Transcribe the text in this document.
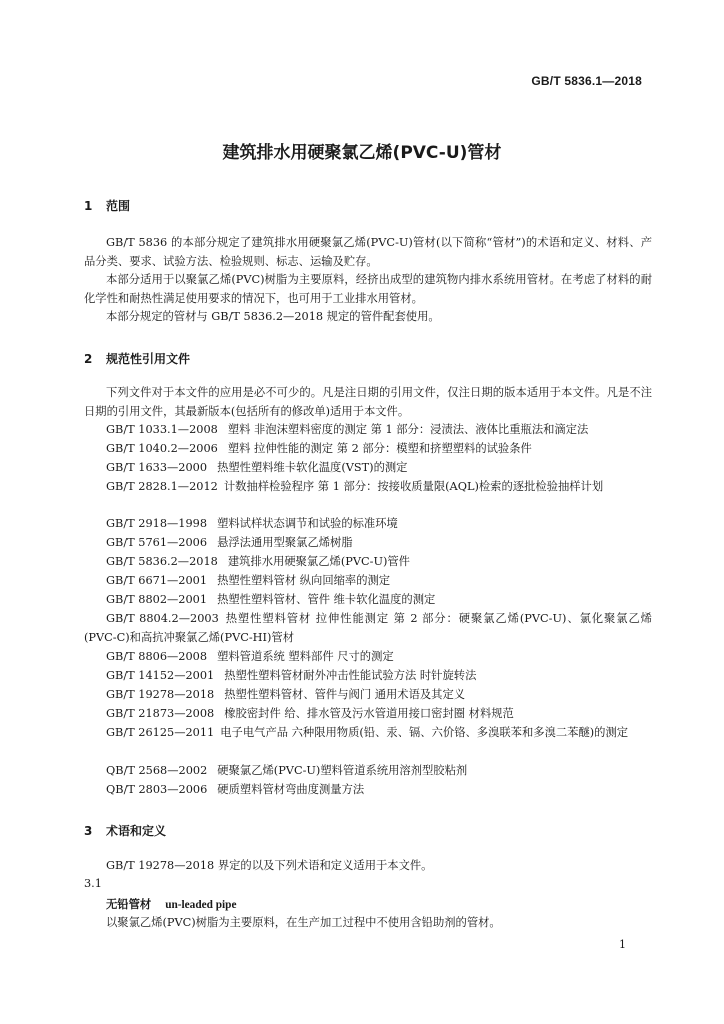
GB/T 5836.1—2018
建筑排水用硬聚氯乙烯(PVC-U)管材
1 范围
GB/T 5836 的本部分规定了建筑排水用硬聚氯乙烯(PVC-U)管材(以下简称“管材”)的术语和定义、材料、产品分类、要求、试验方法、检验规则、标志、运输及贮存。
本部分适用于以聚氯乙烯(PVC)树脂为主要原料，经挤出成型的建筑物内排水系统用管材。在考虑了材料的耐化学性和耐热性满足使用要求的情况下，也可用于工业排水用管材。
本部分规定的管材与 GB/T 5836.2—2018 规定的管件配套使用。
2 规范性引用文件
下列文件对于本文件的应用是必不可少的。凡是注日期的引用文件，仅注日期的版本适用于本文件。凡是不注日期的引用文件，其最新版本(包括所有的修改单)适用于本文件。
GB/T 1033.1—2008 塑料 非泡沫塑料密度的测定 第 1 部分：浸渍法、液体比重瓶法和滴定法
GB/T 1040.2—2006 塑料 拉伸性能的测定 第 2 部分：模塑和挤塑塑料的试验条件
GB/T 1633—2000 热塑性塑料维卡软化温度(VST)的测定
GB/T 2828.1—2012 计数抽样检验程序 第 1 部分：按接收质量限(AQL)检索的逐批检验抽样计划
GB/T 2918—1998 塑料试样状态调节和试验的标准环境
GB/T 5761—2006 悬浮法通用型聚氯乙烯树脂
GB/T 5836.2—2018 建筑排水用硬聚氯乙烯(PVC-U)管件
GB/T 6671—2001 热塑性塑料管材 纵向回缩率的测定
GB/T 8802—2001 热塑性塑料管材、管件 维卡软化温度的测定
GB/T 8804.2—2003 热塑性塑料管材 拉伸性能测定 第 2 部分：硬聚氯乙烯(PVC-U)、氯化聚氯乙烯(PVC-C)和高抗冲聚氯乙烯(PVC-HI)管材
GB/T 8806—2008 塑料管道系统 塑料部件 尺寸的测定
GB/T 14152—2001 热塑性塑料管材耐外冲击性能试验方法 时针旋转法
GB/T 19278—2018 热塑性塑料管材、管件与阀门 通用术语及其定义
GB/T 21873—2008 橡胶密封件 给、排水管及污水管道用接口密封圈 材料规范
GB/T 26125—2011 电子电气产品 六种限用物质(铅、汞、镉、六价铬、多溴联苯和多溴二苯醚)的测定
QB/T 2568—2002 硬聚氯乙烯(PVC-U)塑料管道系统用溶剂型胶粘剂
QB/T 2803—2006 硬质塑料管材弯曲度测量方法
3 术语和定义
GB/T 19278—2018 界定的以及下列术语和定义适用于本文件。
3.1
无铅管材 un-leaded pipe
以聚氯乙烯(PVC)树脂为主要原料，在生产加工过程中不使用含铅助剂的管材。
1
